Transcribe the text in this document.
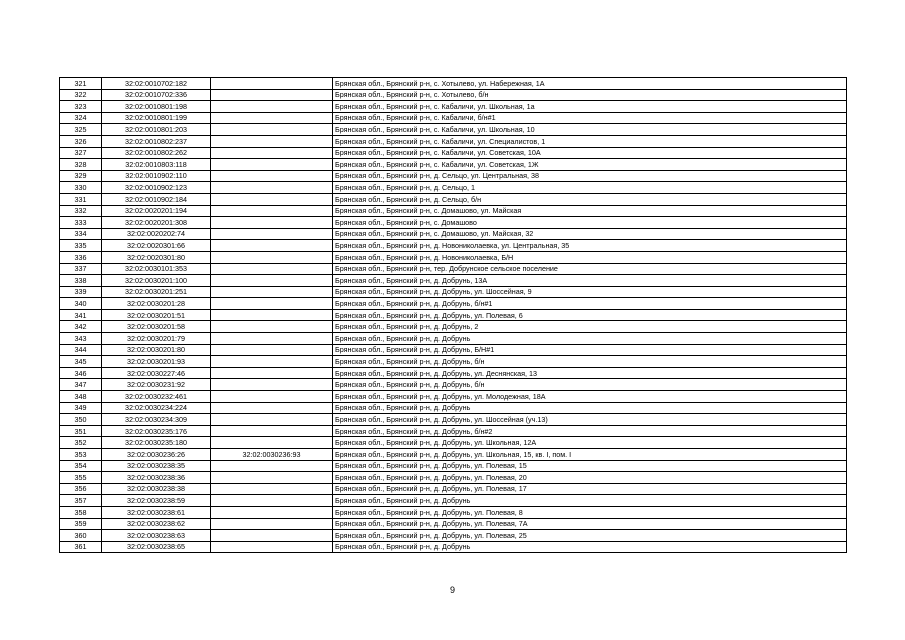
321	32:02:0010702:182		Брянская обл., Брянский р-н, с. Хотылево, ул. Набережная, 1А
322	32:02:0010702:336		Брянская обл., Брянский р-н, с. Хотылево, б/н
323	32:02:0010801:198		Брянская обл., Брянский р-н, с. Кабаличи, ул. Школьная, 1а
324	32:02:0010801:199		Брянская обл., Брянский р-н, с. Кабаличи, б/н#1
325	32:02:0010801:203		Брянская обл., Брянский р-н, с. Кабаличи, ул. Школьная, 10
326	32:02:0010802:237		Брянская обл., Брянский р-н, с. Кабаличи, ул. Специалистов, 1
327	32:02:0010802:262		Брянская обл., Брянский р-н, с. Кабаличи, ул. Советская, 10А
328	32:02:0010803:118		Брянская обл., Брянский р-н, с. Кабаличи, ул. Советская, 1Ж
329	32:02:0010902:110		Брянская обл., Брянский р-н, д. Сельцо, ул. Центральная, 38
330	32:02:0010902:123		Брянская обл., Брянский р-н, д. Сельцо, 1
331	32:02:0010902:184		Брянская обл., Брянский р-н, д. Сельцо, б/н
332	32:02:0020201:194		Брянская обл., Брянский р-н, с. Домашово, ул. Майская
333	32:02:0020201:308		Брянская обл., Брянский р-н, с. Домашово
334	32:02:0020202:74		Брянская обл., Брянский р-н, с. Домашово, ул. Майская, 32
335	32:02:0020301:66		Брянская обл., Брянский р-н, д. Новониколаевка, ул. Центральная, 35
336	32:02:0020301:80		Брянская обл., Брянский р-н, д. Новониколаевка, Б/Н
337	32:02:0030101:353		Брянская обл., Брянский р-н, тер. Добрунское сельское поселение
338	32:02:0030201:100		Брянская обл., Брянский р-н, д. Добрунь, 13А
339	32:02:0030201:251		Брянская обл., Брянский р-н, д. Добрунь, ул. Шоссейная, 9
340	32:02:0030201:28		Брянская обл., Брянский р-н, д. Добрунь, б/н#1
341	32:02:0030201:51		Брянская обл., Брянский р-н, д. Добрунь, ул. Полевая, 6
342	32:02:0030201:58		Брянская обл., Брянский р-н, д. Добрунь, 2
343	32:02:0030201:79		Брянская обл., Брянский р-н, д. Добрунь
344	32:02:0030201:80		Брянская обл., Брянский р-н, д. Добрунь, Б/Н#1
345	32:02:0030201:93		Брянская обл., Брянский р-н, д. Добрунь, б/н
346	32:02:0030227:46		Брянская обл., Брянский р-н, д. Добрунь, ул. Деснянская, 13
347	32:02:0030231:92		Брянская обл., Брянский р-н, д. Добрунь, б/н
348	32:02:0030232:461		Брянская обл., Брянский р-н, д. Добрунь, ул. Молодежная, 18А
349	32:02:0030234:224		Брянская обл., Брянский р-н, д. Добрунь
350	32:02:0030234:309		Брянская обл., Брянский р-н, д. Добрунь, ул. Шоссейная (уч.13)
351	32:02:0030235:176		Брянская обл., Брянский р-н, д. Добрунь, б/н#2
352	32:02:0030235:180		Брянская обл., Брянский р-н, д. Добрунь, ул. Школьная, 12А
353	32:02:0030236:26	32:02:0030236:93	Брянская обл., Брянский р-н, д. Добрунь, ул. Школьная, 15, кв. I, пом. I
354	32:02:0030238:35		Брянская обл., Брянский р-н, д. Добрунь, ул. Полевая, 15
355	32:02:0030238:36		Брянская обл., Брянский р-н, д. Добрунь, ул. Полевая, 20
356	32:02:0030238:38		Брянская обл., Брянский р-н, д. Добрунь, ул. Полевая, 17
357	32:02:0030238:59		Брянская обл., Брянский р-н, д. Добрунь
358	32:02:0030238:61		Брянская обл., Брянский р-н, д. Добрунь, ул. Полевая, 8
359	32:02:0030238:62		Брянская обл., Брянский р-н, д. Добрунь, ул. Полевая, 7А
360	32:02:0030238:63		Брянская обл., Брянский р-н, д. Добрунь, ул. Полевая, 25
361	32:02:0030238:65		Брянская обл., Брянский р-н, д. Добрунь
9
